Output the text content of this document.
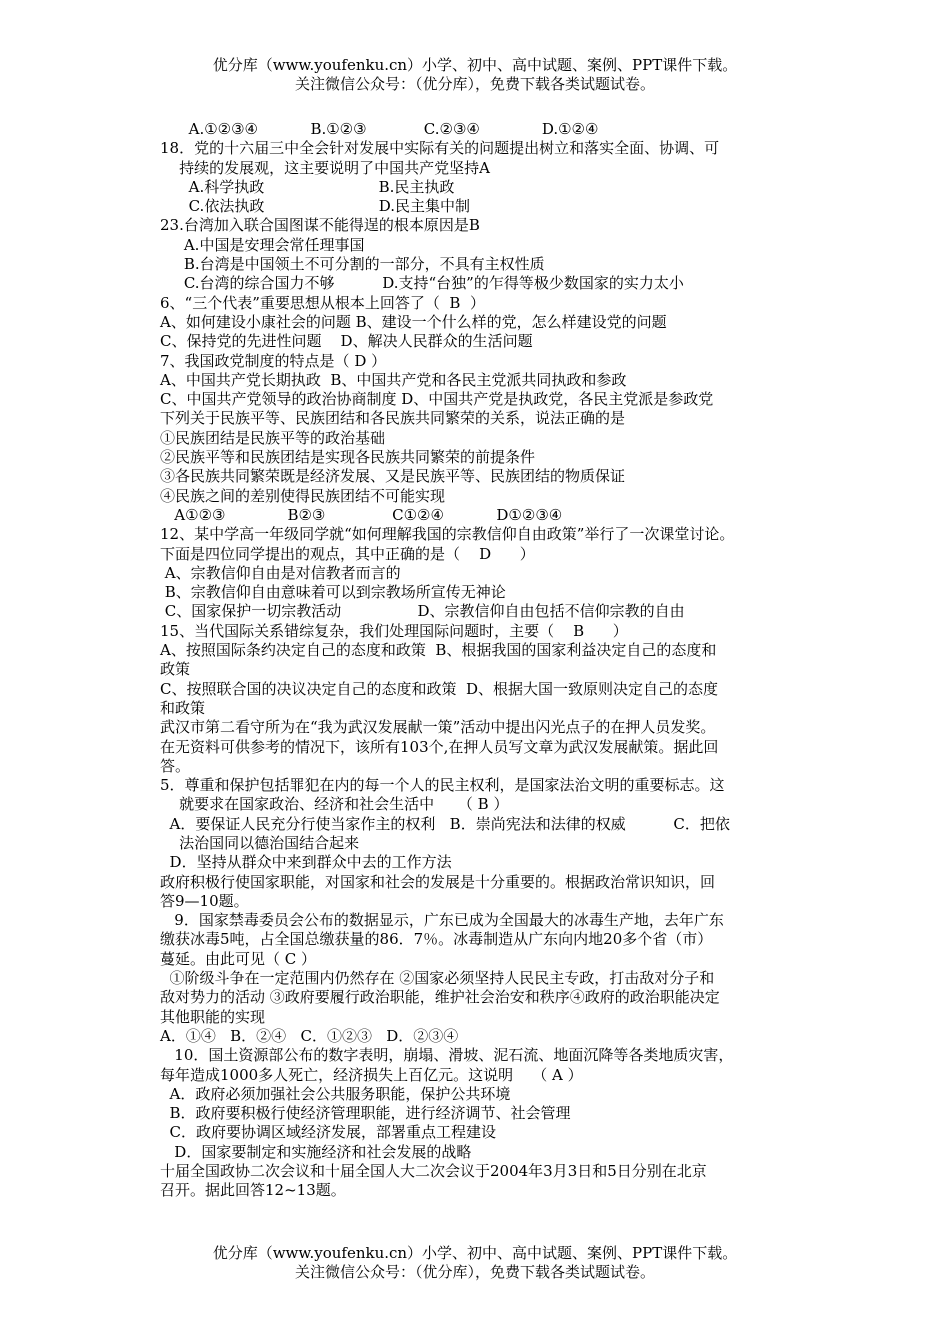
优分库（www.youfenku.cn）小学、初中、高中试题、案例、PPT课件下载。
关注微信公众号：（优分库），免费下载各类试题试卷。
A.①②③④           B.①②③            C.②③④             D.①②④
18．党的十六届三中全会针对发展中实际有关的问题提出树立和落实全面、协调、可
持续的发展观，这主要说明了中国共产党坚持A
A.科学执政                        B.民主执政
C.依法执政                        D.民主集中制
23.台湾加入联合国图谋不能得逞的根本原因是B
A.中国是安理会常任理事国
B.台湾是中国领土不可分割的一部分，不具有主权性质
C.台湾的综合国力不够          D.支持“台独”的乍得等极少数国家的实力太小
6、“三个代表”重要思想从根本上回答了（  B  ）
A、如何建设小康社会的问题 B、建设一个什么样的党，怎么样建设党的问题
C、保持党的先进性问题    D、解决人民群众的生活问题
7、我国政党制度的特点是（ D ）
A、中国共产党长期执政  B、中国共产党和各民主党派共同执政和参政
C、中国共产党领导的政治协商制度 D、中国共产党是执政党，各民主党派是参政党
下列关于民族平等、民族团结和各民族共同繁荣的关系，说法正确的是
①民族团结是民族平等的政治基础
②民族平等和民族团结是实现各民族共同繁荣的前提条件
③各民族共同繁荣既是经济发展、又是民族平等、民族团结的物质保证
④民族之间的差别使得民族团结不可能实现
A①②③             B②③              C①②④           D①②③④
12、某中学高一年级同学就“如何理解我国的宗教信仰自由政策”举行了一次课堂讨论。
下面是四位同学提出的观点，其中正确的是（    D      ）
A、宗教信仰自由是对信教者而言的
B、宗教信仰自由意味着可以到宗教场所宣传无神论
C、国家保护一切宗教活动                D、宗教信仰自由包括不信仰宗教的自由
15、当代国际关系错综复杂，我们处理国际问题时，主要（    B      ）
A、按照国际条约决定自己的态度和政策  B、根据我国的国家利益决定自己的态度和
政策
C、按照联合国的决议决定自己的态度和政策  D、根据大国一致原则决定自己的态度
和政策
武汉市第二看守所为在“我为武汉发展献一策”活动中提出闪光点子的在押人员发奖。
在无资料可供参考的情况下，该所有103个,在押人员写文章为武汉发展献策。据此回
答。
5．尊重和保护包括罪犯在内的每一个人的民主权利，是国家法治文明的重要标志。这
就要求在国家政治、经济和社会生活中     （ B ）
A．要保证人民充分行使当家作主的权利   B．崇尚宪法和法律的权威          C．把依
法治国同以德治国结合起来
D．坚持从群众中来到群众中去的工作方法
政府积极行使国家职能，对国家和社会的发展是十分重要的。根据政治常识知识，回
答9—10题。
9．国家禁毒委员会公布的数据显示，广东已成为全国最大的冰毒生产地，去年广东
缴获冰毒5吨，占全国总缴获量的86．7％。冰毒制造从广东向内地20多个省（市）
蔓延。由此可见（ C ）
①阶级斗争在一定范围内仍然存在 ②国家必须坚持人民民主专政，打击敌对分子和
敌对势力的活动 ③政府要履行政治职能，维护社会治安和秩序④政府的政治职能决定
其他职能的实现
A．①④   B．②④   C．①②③   D．②③④
10．国土资源部公布的数字表明，崩塌、滑坡、泥石流、地面沉降等各类地质灾害，
每年造成1000多人死亡，经济损失上百亿元。这说明    （ A ）
A．政府必须加强社会公共服务职能，保护公共环境
B．政府要积极行使经济管理职能，进行经济调节、社会管理
C．政府要协调区域经济发展，部署重点工程建设
D．国家要制定和实施经济和社会发展的战略
十届全国政协二次会议和十届全国人大二次会议于2004年3月3日和5日分别在北京
召开。据此回答12~13题。
优分库（www.youfenku.cn）小学、初中、高中试题、案例、PPT课件下载。
关注微信公众号：（优分库），免费下载各类试题试卷。
